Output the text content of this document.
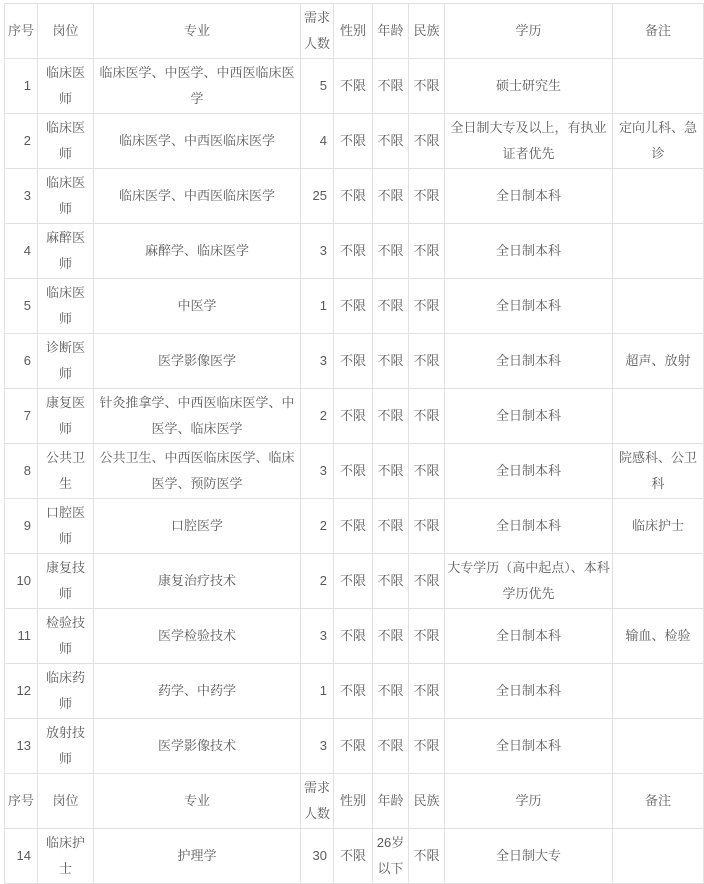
序号	岗位	专业	需求人数	性别	年龄	民族	学历	备注
1	临床医师	临床医学、中医学、中西医临床医学	5	不限	不限	不限	硕士研究生	
2	临床医师	临床医学、中西医临床医学	4	不限	不限	不限	全日制大专及以上，有执业证者优先	定向儿科、急诊
3	临床医师	临床医学、中西医临床医学	25	不限	不限	不限	全日制本科	
4	麻醉医师	麻醉学、临床医学	3	不限	不限	不限	全日制本科	
5	临床医师	中医学	1	不限	不限	不限	全日制本科	
6	诊断医师	医学影像医学	3	不限	不限	不限	全日制本科	超声、放射
7	康复医师	针灸推拿学、中西医临床医学、中医学、临床医学	2	不限	不限	不限	全日制本科	
8	公共卫生	公共卫生、中西医临床医学、临床医学、预防医学	3	不限	不限	不限	全日制本科	院感科、公卫科
9	口腔医师	口腔医学	2	不限	不限	不限	全日制本科	临床护士
10	康复技师	康复治疗技术	2	不限	不限	不限	大专学历（高中起点）、本科学历优先	
11	检验技师	医学检验技术	3	不限	不限	不限	全日制本科	输血、检验
12	临床药师	药学、中药学	1	不限	不限	不限	全日制本科	
13	放射技师	医学影像技术	3	不限	不限	不限	全日制本科	
序号	岗位	专业	需求人数	性别	年龄	民族	学历	备注
14	临床护士	护理学	30	不限	26岁以下	不限	全日制大专	
